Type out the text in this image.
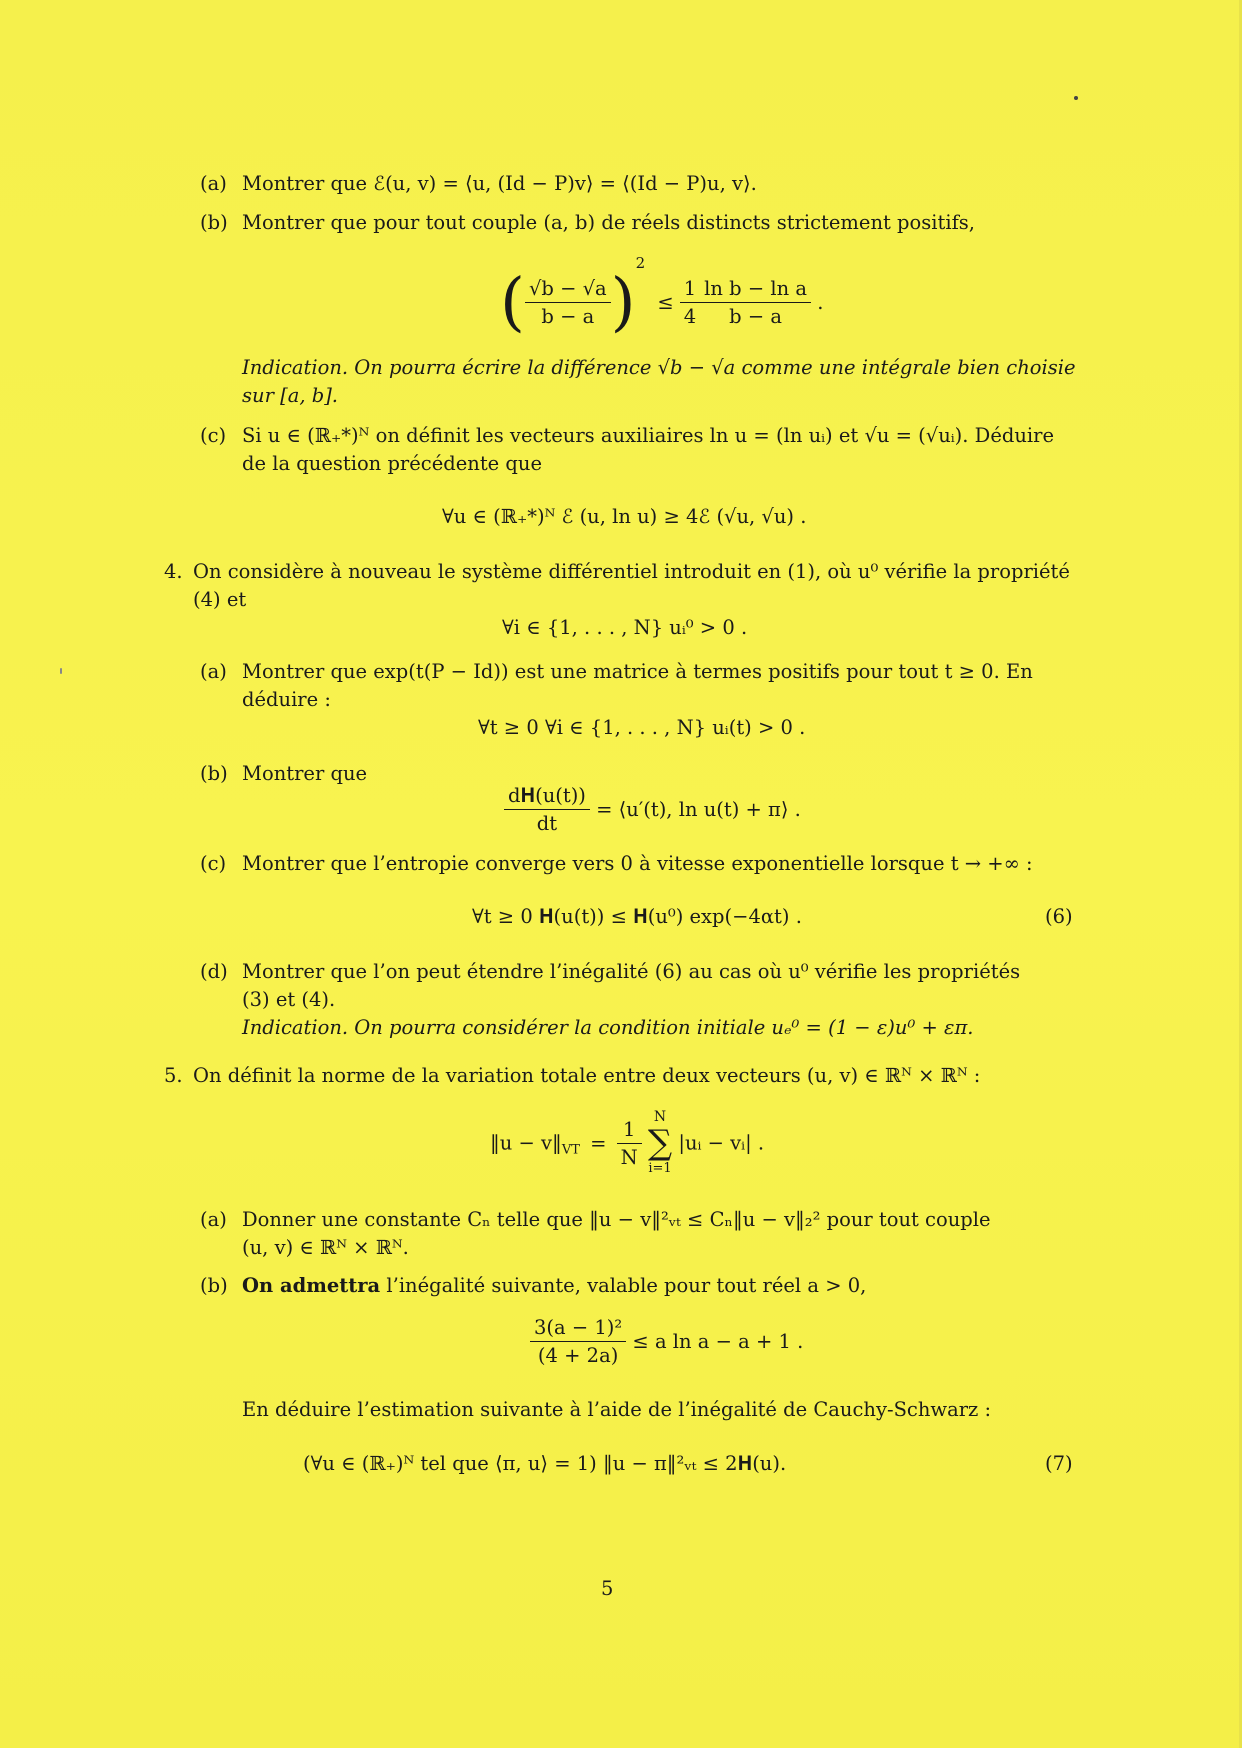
(a) Montrer que ℰ(u, v) = ⟨u, (Id − P)v⟩ = ⟨(Id − P)u, v⟩.
(b) Montrer que pour tout couple (a, b) de réels distincts strictement positifs,
( $\frac{√b - √a}{b - a} )^2 \le \frac{1}{4} \frac{\text{ln b − ln a}}{b - a}$ .
Indication. On pourra écrire la différence √b − √a comme une intégrale bien choisie
sur [a, b].
(c) Si u ∈ (ℝ₊*)ᴺ on définit les vecteurs auxiliaires ln u = (ln uᵢ) et √u = (√uᵢ). Déduire
de la question précédente que
∀u ∈ (ℝ₊*)ᴺ ℰ (u, ln u) ≥ 4ℰ (√u, √u) .
4. On considère à nouveau le système différentiel introduit en (1), où u⁰ vérifie la propriété
(4) et
∀i ∈ {1, . . . , N} uᵢ⁰ > 0 .
(a) Montrer que exp(t(P − Id)) est une matrice à termes positifs pour tout t ≥ 0. En
déduire :
∀t ≥ 0 ∀i ∈ {1, . . . , N} uᵢ(t) > 0 .
(b) Montrer que
$\frac{\text{d𝐇(u(t))}}{dt}$ = ⟨u′(t), ln u(t) + π⟩ .
(c) Montrer que l’entropie converge vers 0 à vitesse exponentielle lorsque t → +∞ :
∀t ≥ 0 𝐇(u(t)) ≤ 𝐇(u⁰) exp(−4αt) .	(6)
(d) Montrer que l’on peut étendre l’inégalité (6) au cas où u⁰ vérifie les propriétés
(3) et (4).
Indication. On pourra considérer la condition initiale uₑ⁰ = (1 − ε)u⁰ + επ.
5. On définit la norme de la variation totale entre deux vecteurs (u, v) ∈ ℝᴺ × ℝᴺ :
‖u − $v‖_{VT} = \frac{1}{N}$

N
∑
i=1
|uᵢ − vᵢ| .
(a) Donner une constante Cₙ telle que ‖u − v‖²ᵥₜ ≤ Cₙ‖u − v‖₂² pour tout couple
(u, v) ∈ ℝᴺ × ℝᴺ.
(b) On admettra l’inégalité suivante, valable pour tout réel a > 0,
$\frac{\text{3(a − 1)²}}{(4 + 2a)} \le a$ ln a − a + 1 .
En déduire l’estimation suivante à l’aide de l’inégalité de Cauchy-Schwarz :
(∀u ∈ (ℝ₊)ᴺ tel que ⟨π, u⟩ = 1) ‖u − π‖²ᵥₜ ≤ 2𝐇(u).	(7)
5
